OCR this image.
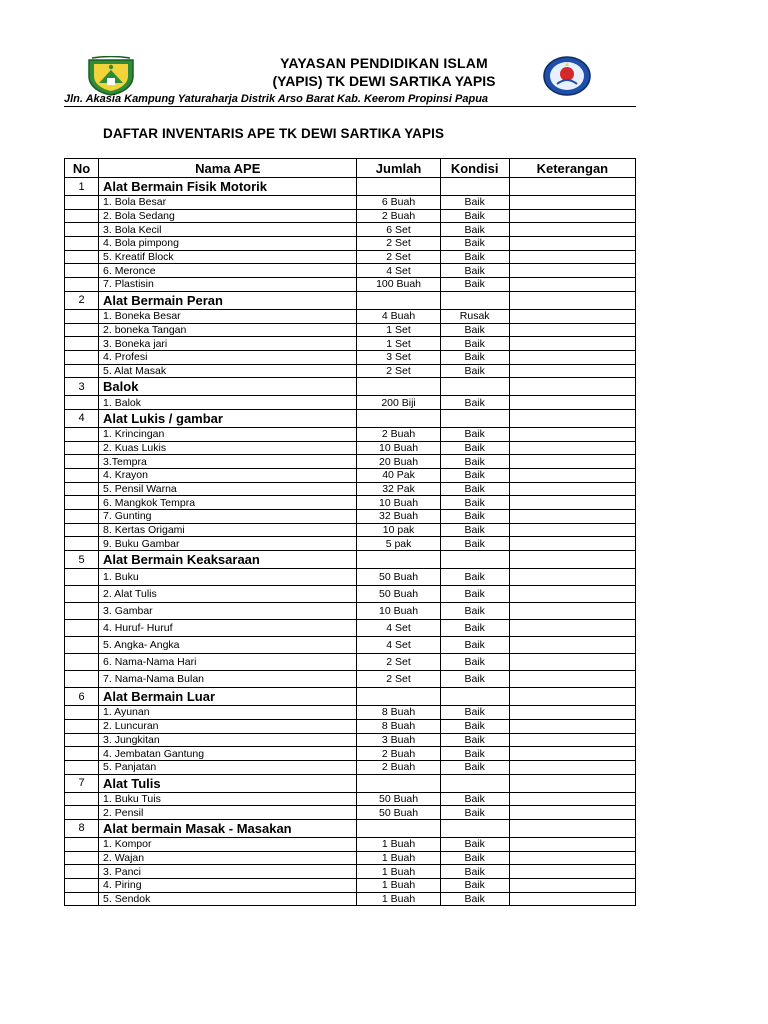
YAYASAN PENDIDIKAN ISLAM
(YAPIS) TK DEWI SARTIKA YAPIS
Jln. Akasia Kampung Yaturaharja Distrik Arso Barat Kab. Keerom Propinsi Papua
DAFTAR INVENTARIS APE TK DEWI SARTIKA YAPIS
No	Nama APE	Jumlah	Kondisi	Keterangan
1	Alat Bermain Fisik Motorik			
	1. Bola Besar	6 Buah	Baik	
	2. Bola Sedang	2 Buah	Baik	
	3. Bola Kecil	6 Set	Baik	
	4. Bola pimpong	2 Set	Baik	
	5. Kreatif Block	2 Set	Baik	
	6. Meronce	4 Set	Baik	
	7. Plastisin	100 Buah	Baik	
2	Alat Bermain Peran			
	1. Boneka Besar	4 Buah	Rusak	
	2. boneka Tangan	1 Set	Baik	
	3. Boneka jari	1 Set	Baik	
	4. Profesi	3 Set	Baik	
	5. Alat Masak	2 Set	Baik	
3	Balok			
	1. Balok	200 Biji	Baik	
4	Alat Lukis / gambar			
	1. Krincingan	2 Buah	Baik	
	2. Kuas Lukis	10 Buah	Baik	
	3.Tempra	20 Buah	Baik	
	4. Krayon	40 Pak	Baik	
	5. Pensil Warna	32 Pak	Baik	
	6. Mangkok Tempra	10 Buah	Baik	
	7. Gunting	32 Buah	Baik	
	8. Kertas Origami	10 pak	Baik	
	9. Buku Gambar	5 pak	Baik	
5	Alat Bermain Keaksaraan			
	1. Buku	50 Buah	Baik	
	2. Alat Tulis	50 Buah	Baik	
	3. Gambar	10 Buah	Baik	
	4. Huruf- Huruf	4 Set	Baik	
	5. Angka- Angka	4 Set	Baik	
	6. Nama-Nama Hari	2 Set	Baik	
	7. Nama-Nama Bulan	2 Set	Baik	
6	Alat Bermain Luar			
	1. Ayunan	8 Buah	Baik	
	2. Luncuran	8 Buah	Baik	
	3. Jungkitan	3 Buah	Baik	
	4. Jembatan Gantung	2 Buah	Baik	
	5. Panjatan	2 Buah	Baik	
7	Alat Tulis			
	1. Buku Tuis	50 Buah	Baik	
	2. Pensil	50 Buah	Baik	
8	Alat bermain Masak - Masakan			
	1. Kompor	1 Buah	Baik	
	2. Wajan	1 Buah	Baik	
	3. Panci	1 Buah	Baik	
	4. Piring	1 Buah	Baik	
	5. Sendok	1 Buah	Baik	
